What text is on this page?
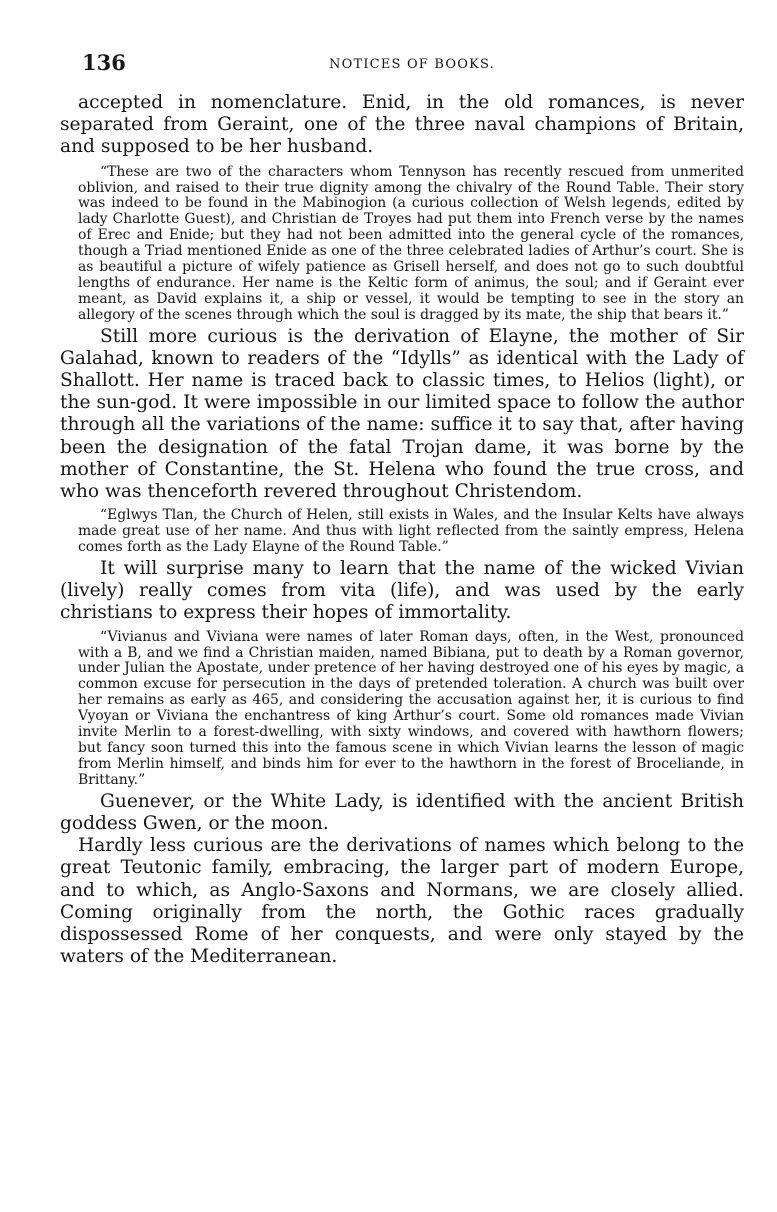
136	NOTICES OF BOOKS.

accepted in nomenclature. Enid, in the old romances, is never separated from Geraint, one of the three naval champions of Britain, and supposed to be her husband.

“These are two of the characters whom Tennyson has recently rescued from unmerited oblivion, and raised to their true dignity among the chivalry of the Round Table. Their story was indeed to be found in the Mabinogion (a curious collection of Welsh legends, edited by lady Charlotte Guest), and Christian de Troyes had put them into French verse by the names of Erec and Enide; but they had not been admitted into the general cycle of the romances, though a Triad mentioned Enide as one of the three celebrated ladies of Arthur’s court. She is as beautiful a picture of wifely patience as Grisell herself, and does not go to such doubtful lengths of endurance. Her name is the Keltic form of animus, the soul; and if Geraint ever meant, as David explains it, a ship or vessel, it would be tempting to see in the story an allegory of the scenes through which the soul is dragged by its mate, the ship that bears it.”

Still more curious is the derivation of Elayne, the mother of Sir Galahad, known to readers of the “Idylls” as identical with the Lady of Shallott. Her name is traced back to classic times, to Helios (light), or the sun-god. It were impossible in our limited space to follow the author through all the variations of the name: suffice it to say that, after having been the designation of the fatal Trojan dame, it was borne by the mother of Constantine, the St. Helena who found the true cross, and who was thenceforth revered throughout Christendom.

“Eglwys Tlan, the Church of Helen, still exists in Wales, and the Insular Kelts have always made great use of her name. And thus with light reflected from the saintly empress, Helena comes forth as the Lady Elayne of the Round Table.”

It will surprise many to learn that the name of the wicked Vivian (lively) really comes from vita (life), and was used by the early christians to express their hopes of immortality.

“Vivianus and Viviana were names of later Roman days, often, in the West, pronounced with a B, and we find a Christian maiden, named Bibiana, put to death by a Roman governor, under Julian the Apostate, under pretence of her having destroyed one of his eyes by magic, a common excuse for persecution in the days of pretended toleration. A church was built over her remains as early as 465, and considering the accusation against her, it is curious to find Vyoyan or Viviana the enchantress of king Arthur’s court. Some old romances made Vivian invite Merlin to a forest-dwelling, with sixty windows, and covered with hawthorn flowers; but fancy soon turned this into the famous scene in which Vivian learns the lesson of magic from Merlin himself, and binds him for ever to the hawthorn in the forest of Broceliande, in Brittany.”

Guenever, or the White Lady, is identified with the ancient British goddess Gwen, or the moon.

Hardly less curious are the derivations of names which belong to the great Teutonic family, embracing, the larger part of modern Europe, and to which, as Anglo-Saxons and Normans, we are closely allied. Coming originally from the north, the Gothic races gradually dispossessed Rome of her conquests, and were only stayed by the waters of the Mediterranean.
